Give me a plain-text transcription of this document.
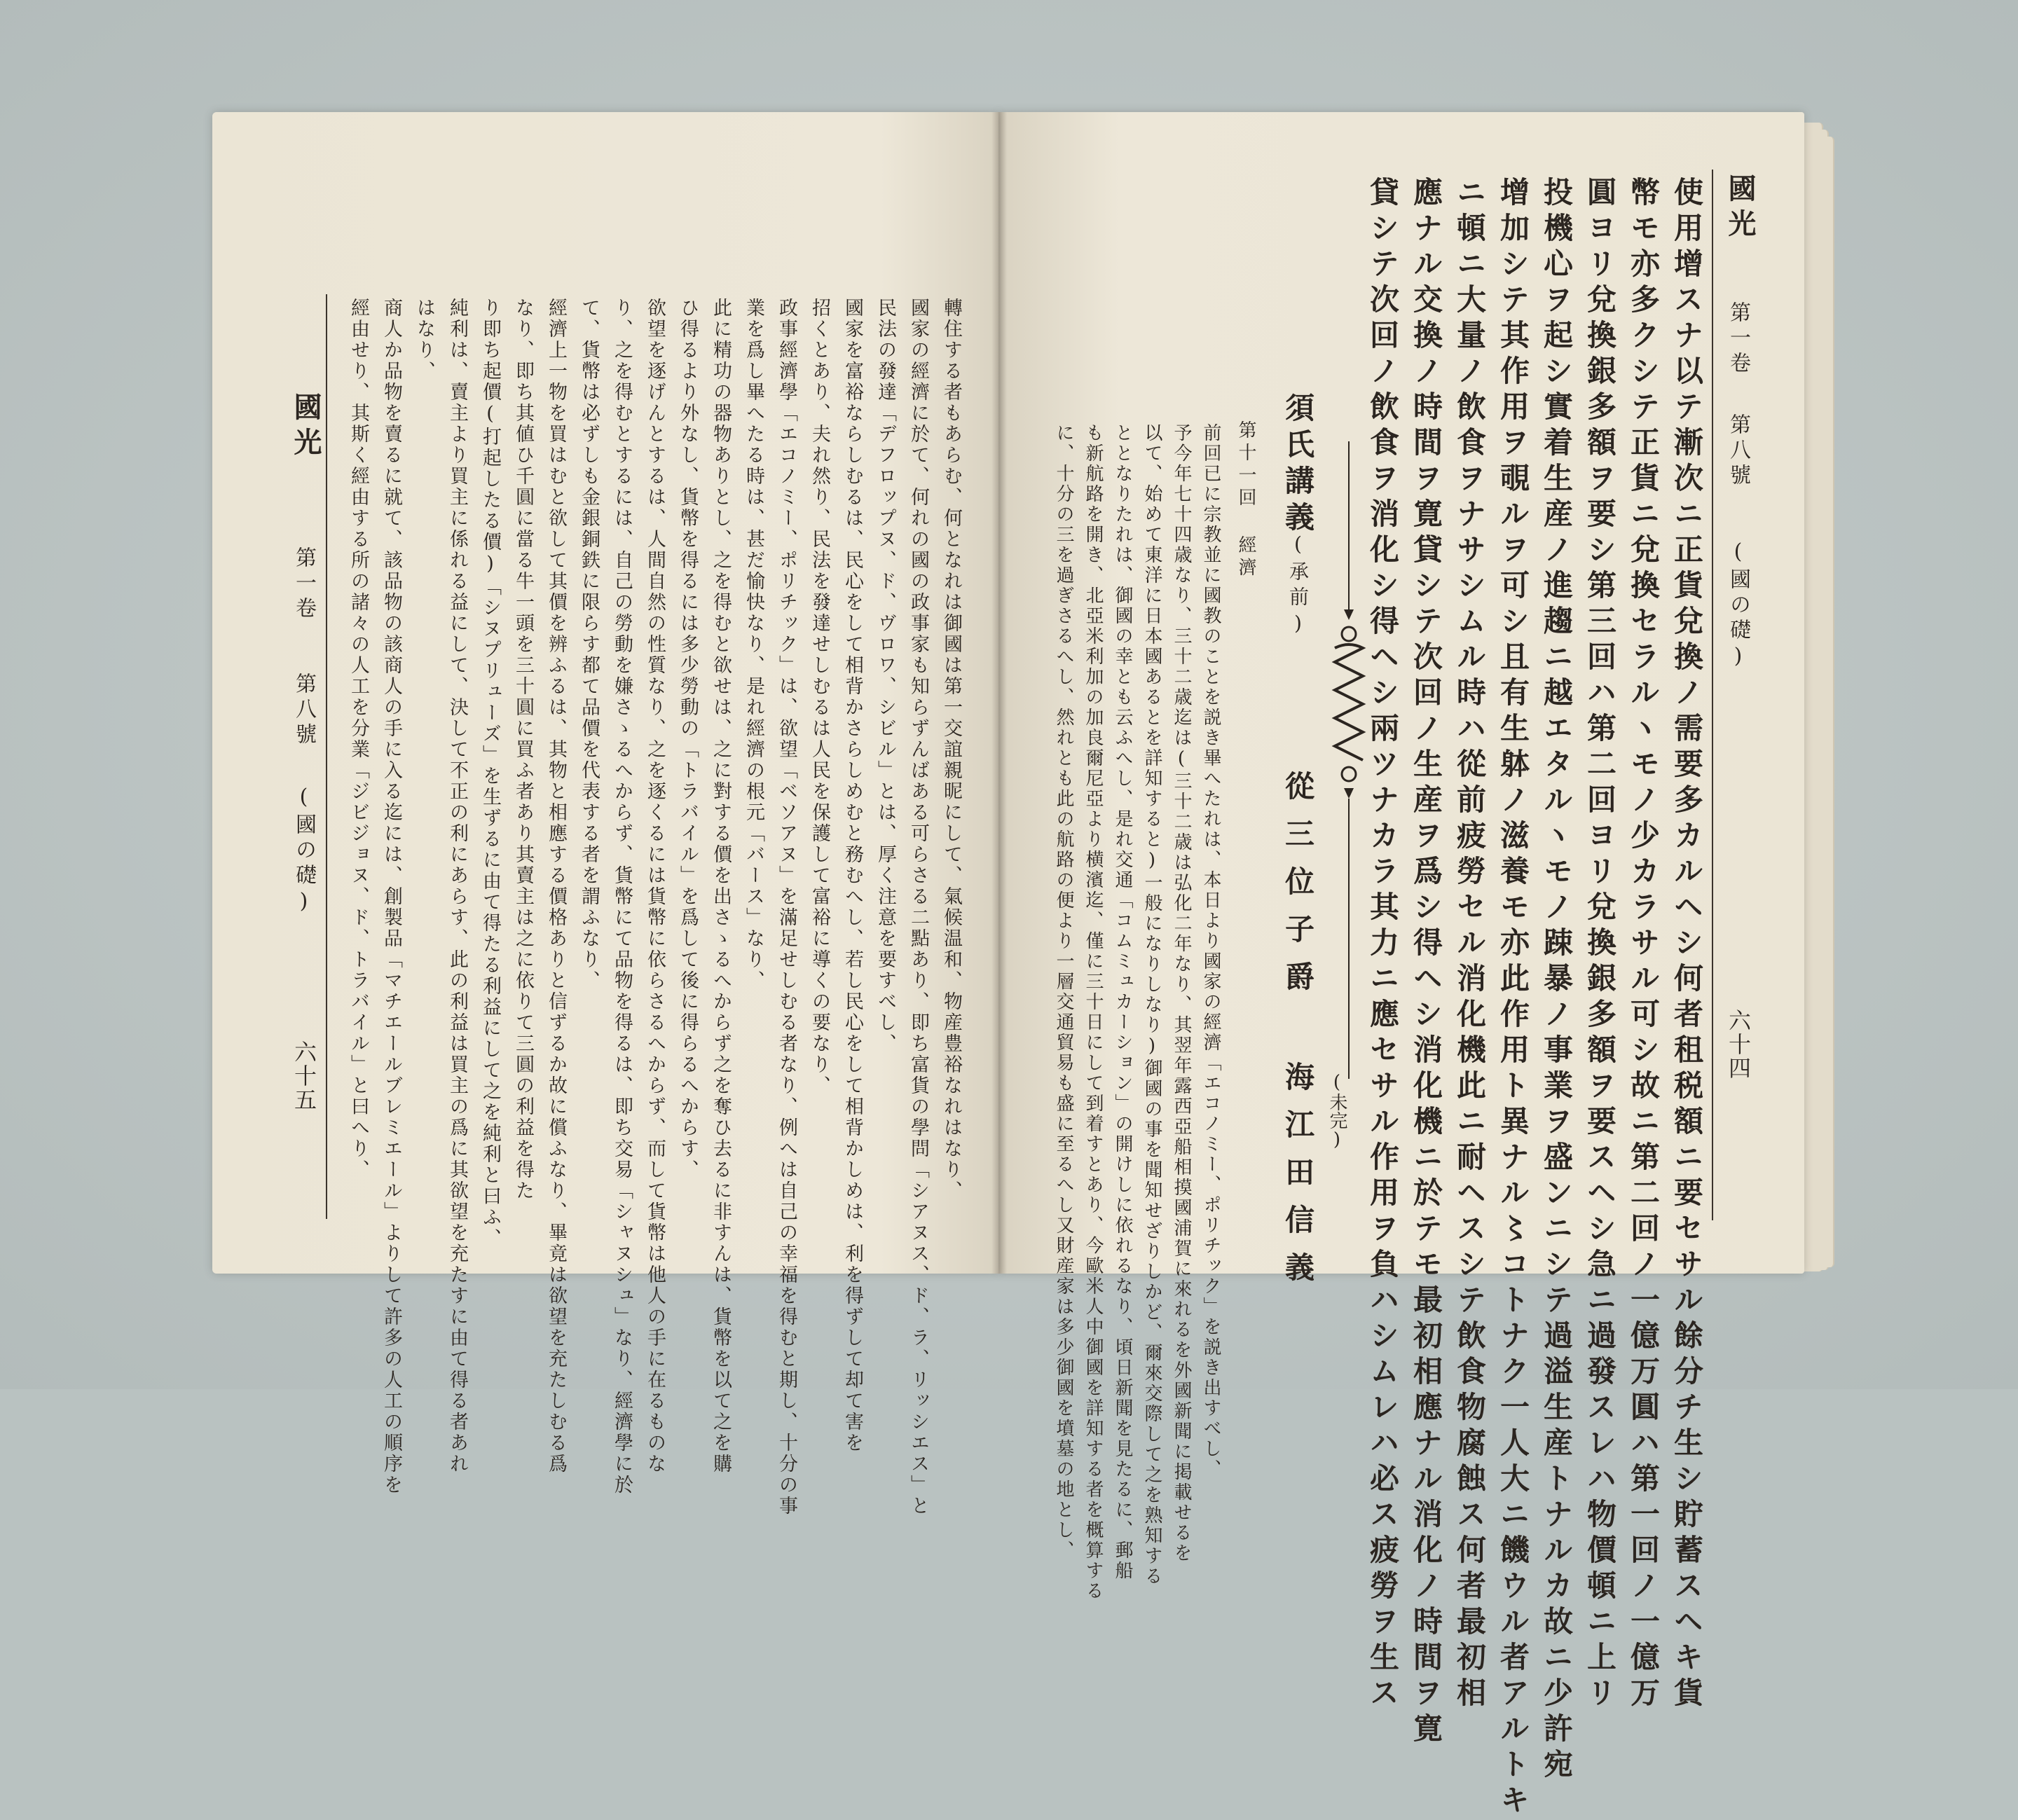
國光
第一卷
第八號
(國の礎)
六十四
使用增スナ以テ漸次ニ正貨兌換ノ需要多カルヘシ何者租税額ニ要セサル餘分チ生シ貯蓄スヘキ貨
幣モ亦多クシテ正貨ニ兌換セラルヽモノ少カラサル可シ故ニ第二回ノ一億万圓ハ第一回ノ一億万
圓ヨリ兌換銀多額ヲ要シ第三回ハ第二回ヨリ兌換銀多額ヲ要スヘシ急ニ過發スレハ物價頓ニ上リ
投機心ヲ起シ實着生産ノ進趨ニ越エタルヽモノ踈暴ノ事業ヲ盛ンニシテ過溢生産トナルカ故ニ少許宛
增加シテ其作用ヲ覗ルヲ可シ且有生躰ノ滋養モ亦此作用ト異ナル〻コトナク一人大ニ饑ウル者アルトキ
ニ頓ニ大量ノ飲食ヲナサシムル時ハ從前疲勞セル消化機此ニ耐ヘスシテ飲食物腐蝕ス何者最初相
應ナル交換ノ時間ヲ寛貸シテ次回ノ生産ヲ爲シ得ヘシ消化機ニ於テモ最初相應ナル消化ノ時間ヲ寛
貸シテ次回ノ飲食ヲ消化シ得ヘシ兩ツナカラ其力ニ應セサル作用ヲ負ハシムレハ必ス疲勞ヲ生ス
(未完)
須氏講義
(承前)
從三位子爵 海江田信義
第十一回 經濟
前回已に宗教並に國教のことを説き畢へたれは、本日より國家の經濟「エコノミー、ポリチック」を説き出すべし、
予今年七十四歳なり、三十二歳迄は(三十二歳は弘化二年なり、其翌年露西亞船相摸國浦賀に來れるを外國新聞に掲載せるを
以て、始めて東洋に日本國あるとを詳知すると)一般になりしなり)御國の事を聞知せざりしかど、爾來交際して之を熟知する
ととなりたれは、御國の幸とも云ふへし、是れ交通「コムミュカーション」の開けしに依れるなり、頃日新聞を見たるに、郵船
も新航路を開き、北亞米利加の加良爾尼亞より横濱迄、僅に三十日にして到着すとあり、今歐米人中御國を詳知する者を概算する
に、十分の三を過ぎさるへし、然れとも此の航路の便より一層交通貿易も盛に至るへし又財産家は多少御國を墳墓の地とし、
國光
第一卷
第八號
(國の礎)
六十五	轉住する者もあらむ、何となれは御國は第一交誼親昵にして、氣候温和、物産豊裕なれはなり、
國家の經濟に於て、何れの國の政事家も知らずんばある可らさる二點あり、即ち富貨の學問「シアヌス、ド、ラ、リッシエス」と
民法の發達「デフロップヌ、ド、ヴロワ、シビル」とは、厚く注意を要すべし、
國家を富裕ならしむるは、民心をして相背かさらしめむと務むへし、若し民心をして相背かしめは、利を得ずして却て害を
招くとあり、夫れ然り、民法を發達せしむるは人民を保護して富裕に導くの要なり、
政事經濟學「エコノミー、ポリチック」は、欲望「ベソアヌ」を滿足せしむる者なり、例へは自己の幸福を得むと期し、十分の事
業を爲し畢へたる時は、甚だ愉快なり、是れ經濟の根元「バース」なり、
此に精功の器物ありとし、之を得むと欲せは、之に對する價を出さゝるへからず之を奪ひ去るに非すんは、貨幣を以て之を購
ひ得るより外なし、貨幣を得るには多少勞動の「トラバイル」を爲して後に得らるへからす、
欲望を逐げんとするは、人間自然の性質なり、之を逐くるには貨幣に依らさるへからず、而して貨幣は他人の手に在るものな
り、之を得むとするには、自己の勞動を嫌さゝるへからず、貨幣にて品物を得るは、即ち交易「シャヌシュ」なり、經濟學に於
て、貨幣は必ずしも金銀銅鉄に限らす都て品價を代表する者を謂ふなり、
經濟上一物を買はむと欲して其價を辨ふるは、其物と相應する價格ありと信ずるか故に償ふなり、畢竟は欲望を充たしむる爲
なり、即ち其値ひ千圓に當る牛一頭を三十圓に買ふ者あり其賣主は之に依りて三圓の利益を得た
り即ち起價(打起したる價)「シヌプリューズ」を生ずるに由て得たる利益にして之を純利と曰ふ、
純利は、賣主より買主に係れる益にして、決して不正の利にあらす、此の利益は買主の爲に其欲望を充たすに由て得る者あれ
はなり、
商人か品物を賣るに就て、該品物の該商人の手に入る迄には、創製品「マチエールブレミエール」よりして許多の人工の順序を
經由せり、其斯く經由する所の諸々の人工を分業「ジビジョヌ、ド、トラバイル」と曰へり、
